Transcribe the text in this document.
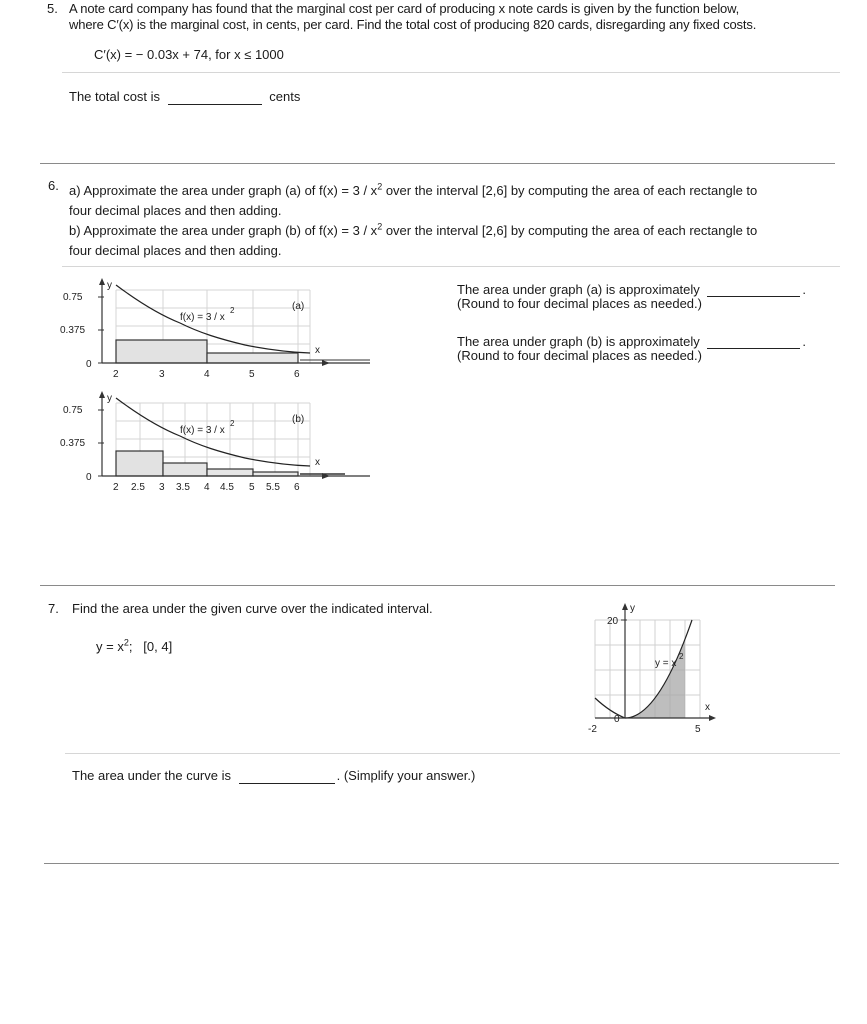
5. A note card company has found that the marginal cost per card of producing x note cards is given by the function below,
where C′(x) is the marginal cost, in cents, per card. Find the total cost of producing 820 cards, disregarding any fixed costs.
C′(x) = − 0.03x + 74, for x ≤ 1000
The total cost is	cents
6. a) Approximate the area under graph (a) of $f(x) = 3 / x^2$ over the interval [2,6] by computing the area of each rectangle to
four decimal places and then adding.
b) Approximate the area under graph (b) of $f(x) = 3 / x^2$ over the interval [2,6] by computing the area of each rectangle to
four decimal places and then adding.
0.75
0.375
0
2	3	4	5	6
y
x
f(x) = 3 / x
2	(a)
0.75
0.375
0
2 2.5 3 3.5 4 4.5 5 5.5 6
y
x
f(x) = 3 / x
2	(b)
The area under graph (a) is approximately	.
(Round to four decimal places as needed.)
The area under graph (b) is approximately	.
(Round to four decimal places as needed.)
7. Find the area under the given curve over the indicated interval.
$y = x^2$;   [0, 4]
20
0
-2	5
y
x
y = x
2
The area under the curve is	. (Simplify your answer.)
